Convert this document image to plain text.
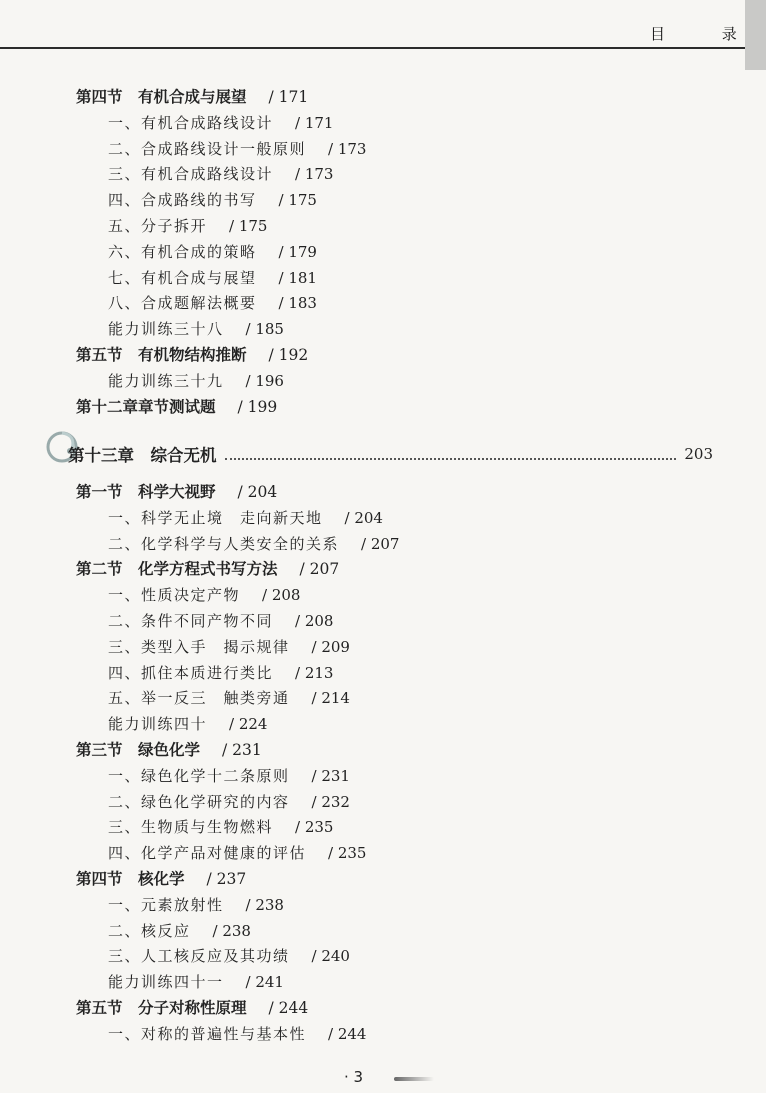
目 录
第十三章　综合无机	203
第四节　有机合成与展望 / 171
一、有机合成路线设计 / 171
二、合成路线设计一般原则 / 173
三、有机合成路线设计 / 173
四、合成路线的书写 / 175
五、分子拆开 / 175
六、有机合成的策略 / 179
七、有机合成与展望 / 181
八、合成题解法概要 / 183
能力训练三十八 / 185
第五节　有机物结构推断 / 192
能力训练三十九 / 196
第十二章章节测试题 / 199
第一节　科学大视野 / 204
一、科学无止境　走向新天地 / 204
二、化学科学与人类安全的关系 / 207
第二节　化学方程式书写方法 / 207
一、性质决定产物 / 208
二、条件不同产物不同 / 208
三、类型入手　揭示规律 / 209
四、抓住本质进行类比 / 213
五、举一反三　触类旁通 / 214
能力训练四十 / 224
第三节　绿色化学 / 231
一、绿色化学十二条原则 / 231
二、绿色化学研究的内容 / 232
三、生物质与生物燃料 / 235
四、化学产品对健康的评估 / 235
第四节　核化学 / 237
一、元素放射性 / 238
二、核反应 / 238
三、人工核反应及其功绩 / 240
能力训练四十一 / 241
第五节　分子对称性原理 / 244
一、对称的普遍性与基本性 / 244
· 3
